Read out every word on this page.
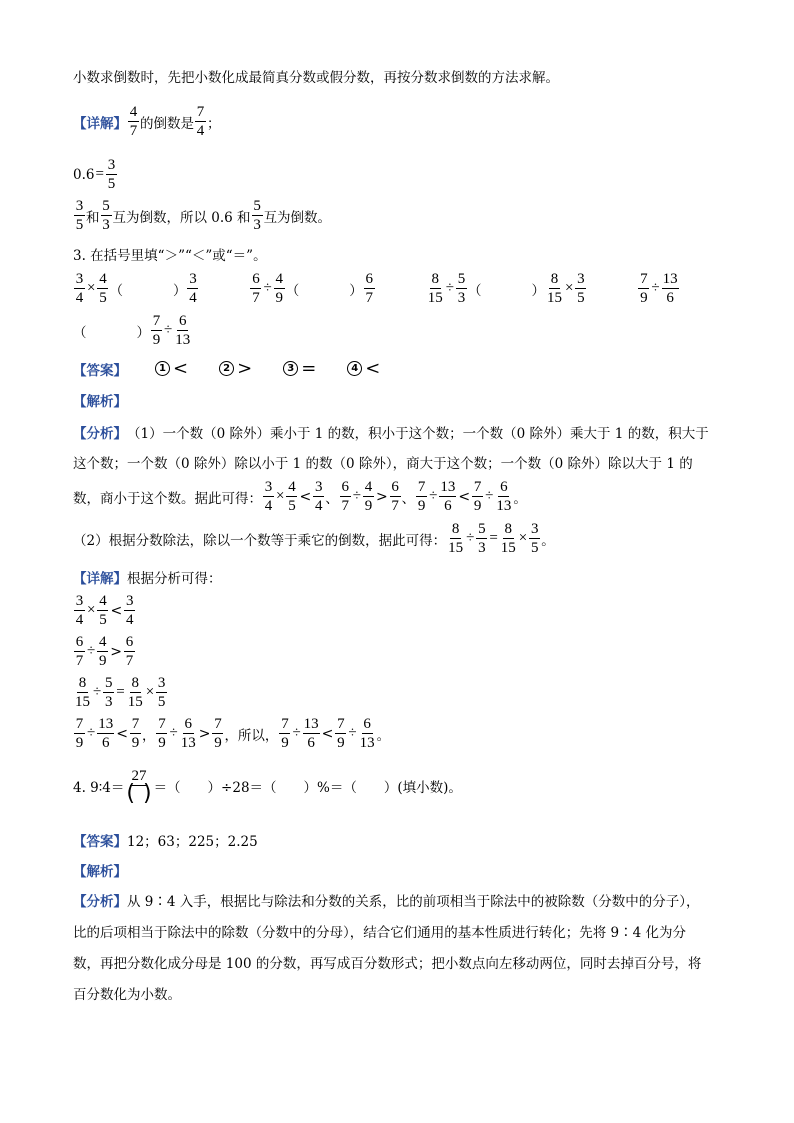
小数求倒数时，先把小数化成最简真分数或假分数，再按分数求倒数的方法求解。
【详解】 $\frac{4}{7}$ 的倒数是 $\frac{7}{4}$ ；
$0.6 = \frac{3}{5}$
$\frac{3}{5}$ 和 $\frac{5}{3}$ 互为倒数，所以 0.6 和 $\frac{5}{3}$ 互为倒数。
3. 在括号里填“＞”“＜”或“＝”。
$\frac{3}{4} \times \frac{4}{5}$ （	） $\frac{3}{4}$	$\frac{6}{7} \div \frac{4}{9}$ （	） $\frac{6}{7}$	$\frac{8}{15} \div \frac{5}{3}$ （	） $\frac{8}{15} \times \frac{3}{5}$	$\frac{7}{9} \div \frac{13}{6}$
（	） $\frac{7}{9} \div \frac{6}{13}$
【答案】	1 <	2 >	3 =	4 <
【解析】
【分析】 （1）一个数（0 除外）乘小于 1 的数，积小于这个数；一个数（0 除外）乘大于 1 的数，积大于
这个数；一个数（0 除外）除以小于 1 的数（0 除外），商大于这个数；一个数（0 除外）除以大于 1 的
数，商小于这个数。据此可得： $\frac{3}{4} \times \frac{4}{5} < \frac{3}{4}$ 、 $\frac{6}{7} \div \frac{4}{9} > \frac{6}{7}$ 、 $\frac{7}{9} \div \frac{13}{6} < \frac{7}{9} \div \frac{6}{13}$ 。
（2）根据分数除法，除以一个数等于乘它的倒数，据此可得： $\frac{8}{15} \div \frac{5}{3} = \frac{8}{15} \times \frac{3}{5}$ 。
【详解】 根据分析可得：
$\frac{3}{4} \times \frac{4}{5} < \frac{3}{4}$
$\frac{6}{7} \div \frac{4}{9} > \frac{6}{7}$
$\frac{8}{15} \div \frac{5}{3} = \frac{8}{15} \times \frac{3}{5}$
$\frac{7}{9} \div \frac{13}{6} < \frac{7}{9}$ ， $\frac{7}{9} \div \frac{6}{13} > \frac{7}{9}$ ，所以， $\frac{7}{9} \div \frac{13}{6} < \frac{7}{9} \div \frac{6}{13}$ 。
4. 9∶4＝
27
( ) ＝（　　）÷28＝（　　）%＝（　　）(填小数)。
【答案】 12；63；225；2.25
【解析】
【分析】 从 9∶4 入手，根据比与除法和分数的关系，比的前项相当于除法中的被除数（分数中的分子），
比的后项相当于除法中的除数（分数中的分母），结合它们通用的基本性质进行转化；先将 9∶4 化为分
数，再把分数化成分母是 100 的分数，再写成百分数形式；把小数点向左移动两位，同时去掉百分号，将
百分数化为小数。
